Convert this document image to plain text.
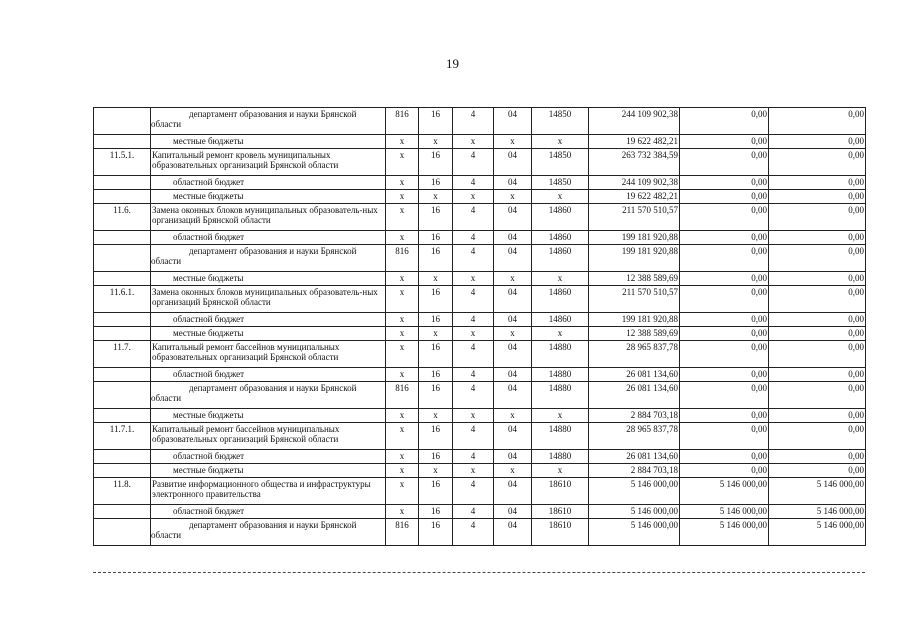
19

	департамент образования и науки Брянской
области	816	16	4	04	14850	244 109 902,38	0,00	0,00
	местные бюджеты	x	x	x	x	x	19 622 482,21	0,00	0,00
11.5.1.	Капитальный ремонт кровель муниципальных образовательных организаций Брянской области	x	16	4	04	14850	263 732 384,59	0,00	0,00
	областной бюджет	x	16	4	04	14850	244 109 902,38	0,00	0,00
	местные бюджеты	x	x	x	x	x	19 622 482,21	0,00	0,00
11.6.	Замена оконных блоков муниципальных образователь-ных организаций Брянской области	x	16	4	04	14860	211 570 510,57	0,00	0,00
	областной бюджет	x	16	4	04	14860	199 181 920,88	0,00	0,00

	департамент образования и науки Брянской
области	816	16	4	04	14860	199 181 920,88	0,00	0,00
	местные бюджеты	x	x	x	x	x	12 388 589,69	0,00	0,00
11.6.1.	Замена оконных блоков муниципальных образователь-ных организаций Брянской области	x	16	4	04	14860	211 570 510,57	0,00	0,00
	областной бюджет	x	16	4	04	14860	199 181 920,88	0,00	0,00
	местные бюджеты	x	x	x	x	x	12 388 589,69	0,00	0,00
11.7.	Капитальный ремонт бассейнов муниципальных образовательных организаций Брянской области	x	16	4	04	14880	28 965 837,78	0,00	0,00
	областной бюджет	x	16	4	04	14880	26 081 134,60	0,00	0,00

	департамент образования и науки Брянской
области	816	16	4	04	14880	26 081 134,60	0,00	0,00
	местные бюджеты	x	x	x	x	x	2 884 703,18	0,00	0,00
11.7.1.	Капитальный ремонт бассейнов муниципальных образовательных организаций Брянской области	x	16	4	04	14880	28 965 837,78	0,00	0,00
	областной бюджет	x	16	4	04	14880	26 081 134,60	0,00	0,00
	местные бюджеты	x	x	x	x	x	2 884 703,18	0,00	0,00
11.8.	Развитие информационного общества и инфраструктуры электронного правительства	x	16	4	04	18610	5 146 000,00	5 146 000,00	5 146 000,00
	областной бюджет	x	16	4	04	18610	5 146 000,00	5 146 000,00	5 146 000,00

	департамент образования и науки Брянской
области	816	16	4	04	18610	5 146 000,00	5 146 000,00	5 146 000,00
